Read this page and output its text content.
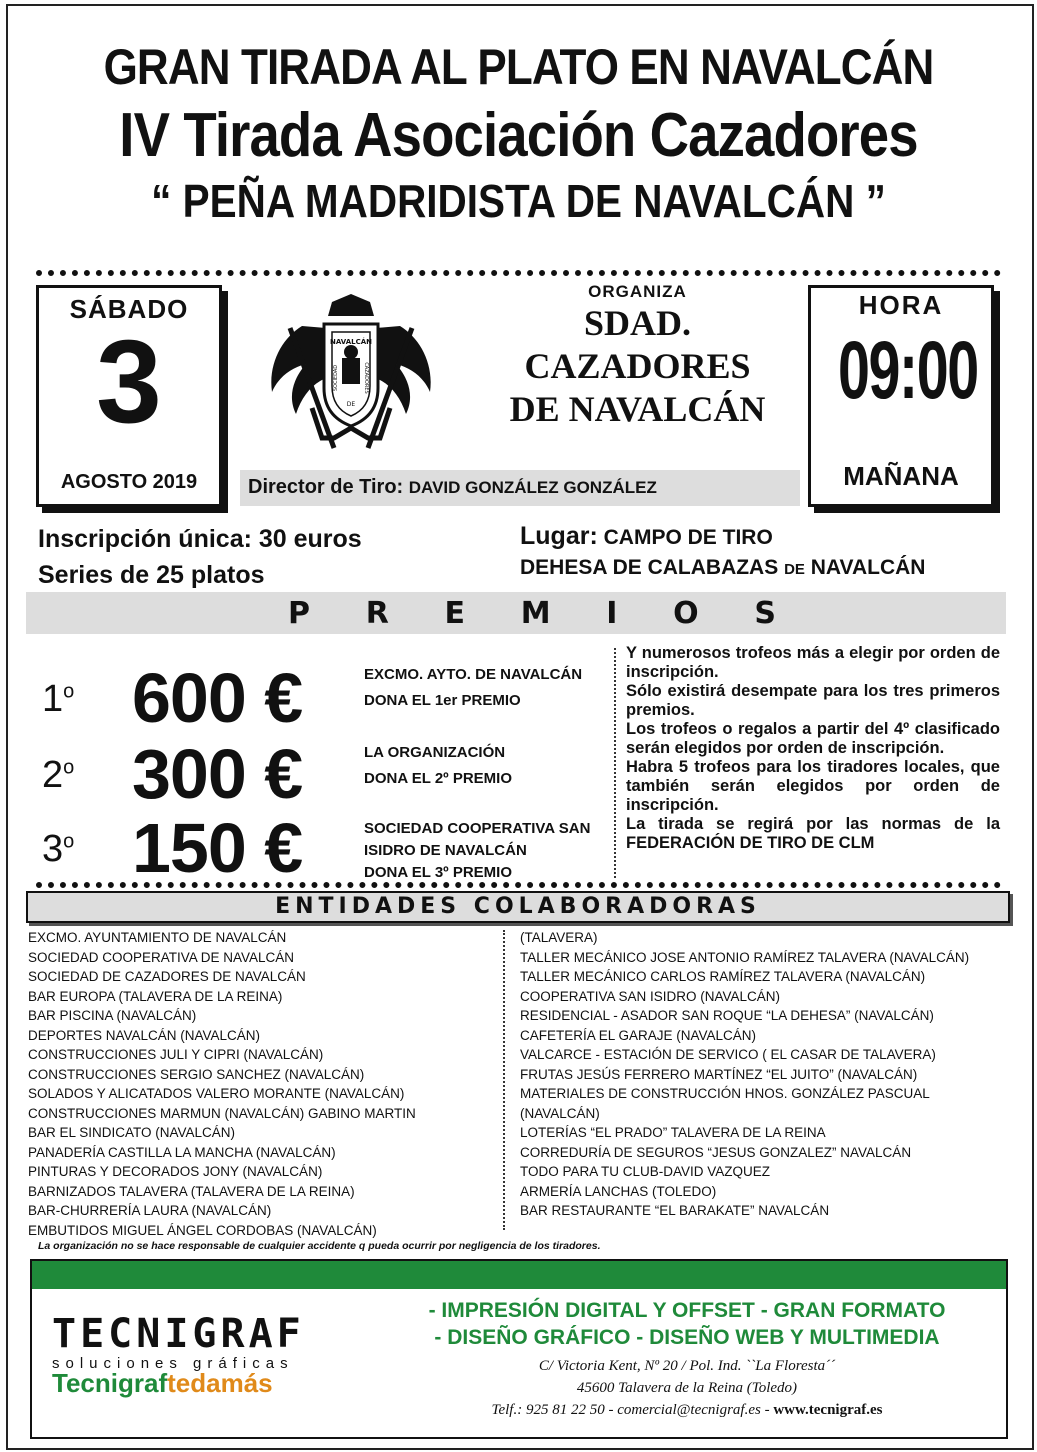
GRAN TIRADA AL PLATO EN NAVALCÁN
IV Tirada Asociación Cazadores
“ PEÑA MADRIDISTA DE NAVALCÁN ”
SÁBADO
3
AGOSTO 2019
NAVALCÁN
SOCIEDAD	CAZADORES
DE
ORGANIZA
SDAD.
CAZADORES
DE NAVALCÁN
HORA
09:00
MAÑANA
Director de Tiro: DAVID GONZÁLEZ GONZÁLEZ
Inscripción única: 30 euros
Series de 25 platos
Lugar: CAMPO DE TIRO
DEHESA DE CALABAZAS DE NAVALCÁN
P R E M I O S
1$^o$ 600 €	EXCMO. AYTO. DE NAVALCÁN
DONA EL 1er PREMIO
2$^o$ 300 €	LA ORGANIZACIÓN
DONA EL 2º PREMIO
3$^o$ 150 €	SOCIEDAD COOPERATIVA SAN
ISIDRO DE NAVALCÁN
DONA EL 3º PREMIO
Y numerosos trofeos más a elegir por orden de inscripción.
Sólo existirá desempate para los tres primeros premios.
Los trofeos o regalos a partir del 4º clasificado serán elegidos por orden de inscripción.
Habra 5 trofeos para los tiradores locales, que también serán elegidos por orden de inscripción.
La tirada se regirá por las normas de la FEDERACIÓN DE TIRO DE CLM
ENTIDADES COLABORADORAS
EXCMO. AYUNTAMIENTO DE NAVALCÁN
SOCIEDAD COOPERATIVA DE NAVALCÁN
SOCIEDAD DE CAZADORES DE NAVALCÁN
BAR EUROPA (TALAVERA DE LA REINA)
BAR PISCINA (NAVALCÁN)
DEPORTES NAVALCÁN (NAVALCÁN)
CONSTRUCCIONES JULI Y CIPRI (NAVALCÁN)
CONSTRUCCIONES SERGIO SANCHEZ (NAVALCÁN)
SOLADOS Y ALICATADOS VALERO MORANTE (NAVALCÁN)
CONSTRUCCIONES MARMUN (NAVALCÁN) GABINO MARTIN
BAR EL SINDICATO (NAVALCÁN)
PANADERÍA CASTILLA LA MANCHA (NAVALCÁN)
PINTURAS Y DECORADOS JONY (NAVALCÁN)
BARNIZADOS TALAVERA (TALAVERA DE LA REINA)
BAR-CHURRERÍA LAURA (NAVALCÁN)
EMBUTIDOS MIGUEL ÁNGEL CORDOBAS (NAVALCÁN)
(TALAVERA)
TALLER MECÁNICO JOSE ANTONIO RAMÍREZ TALAVERA (NAVALCÁN)
TALLER MECÁNICO CARLOS RAMÍREZ TALAVERA (NAVALCÁN)
COOPERATIVA SAN ISIDRO (NAVALCÁN)
RESIDENCIAL - ASADOR SAN ROQUE “LA DEHESA” (NAVALCÁN)
CAFETERÍA EL GARAJE (NAVALCÁN)
VALCARCE - ESTACIÓN DE SERVICO ( EL CASAR DE TALAVERA)
FRUTAS JESÚS FERRERO MARTÍNEZ “EL JUITO” (NAVALCÁN)
MATERIALES DE CONSTRUCCIÓN HNOS. GONZÁLEZ PASCUAL
(NAVALCÁN)
LOTERÍAS “EL PRADO” TALAVERA DE LA REINA
CORREDURÍA DE SEGUROS “JESUS GONZALEZ” NAVALCÁN
TODO PARA TU CLUB-DAVID VAZQUEZ
ARMERÍA LANCHAS (TOLEDO)
BAR RESTAURANTE “EL BARAKATE” NAVALCÁN
La organización no se hace responsable de cualquier accidente q pueda ocurrir por negligencia de los tiradores.
TECNIGRAF
soluciones gráficas
Tecnigraftedamás
- IMPRESIÓN DIGITAL Y OFFSET - GRAN FORMATO
- DISEÑO GRÁFICO - DISEÑO WEB Y MULTIMEDIA
C/ Victoria Kent, Nº 20 / Pol. Ind. ``La Floresta´´
45600 Talavera de la Reina (Toledo)
Telf.: 925 81 22 50 - comercial@tecnigraf.es - www.tecnigraf.es
